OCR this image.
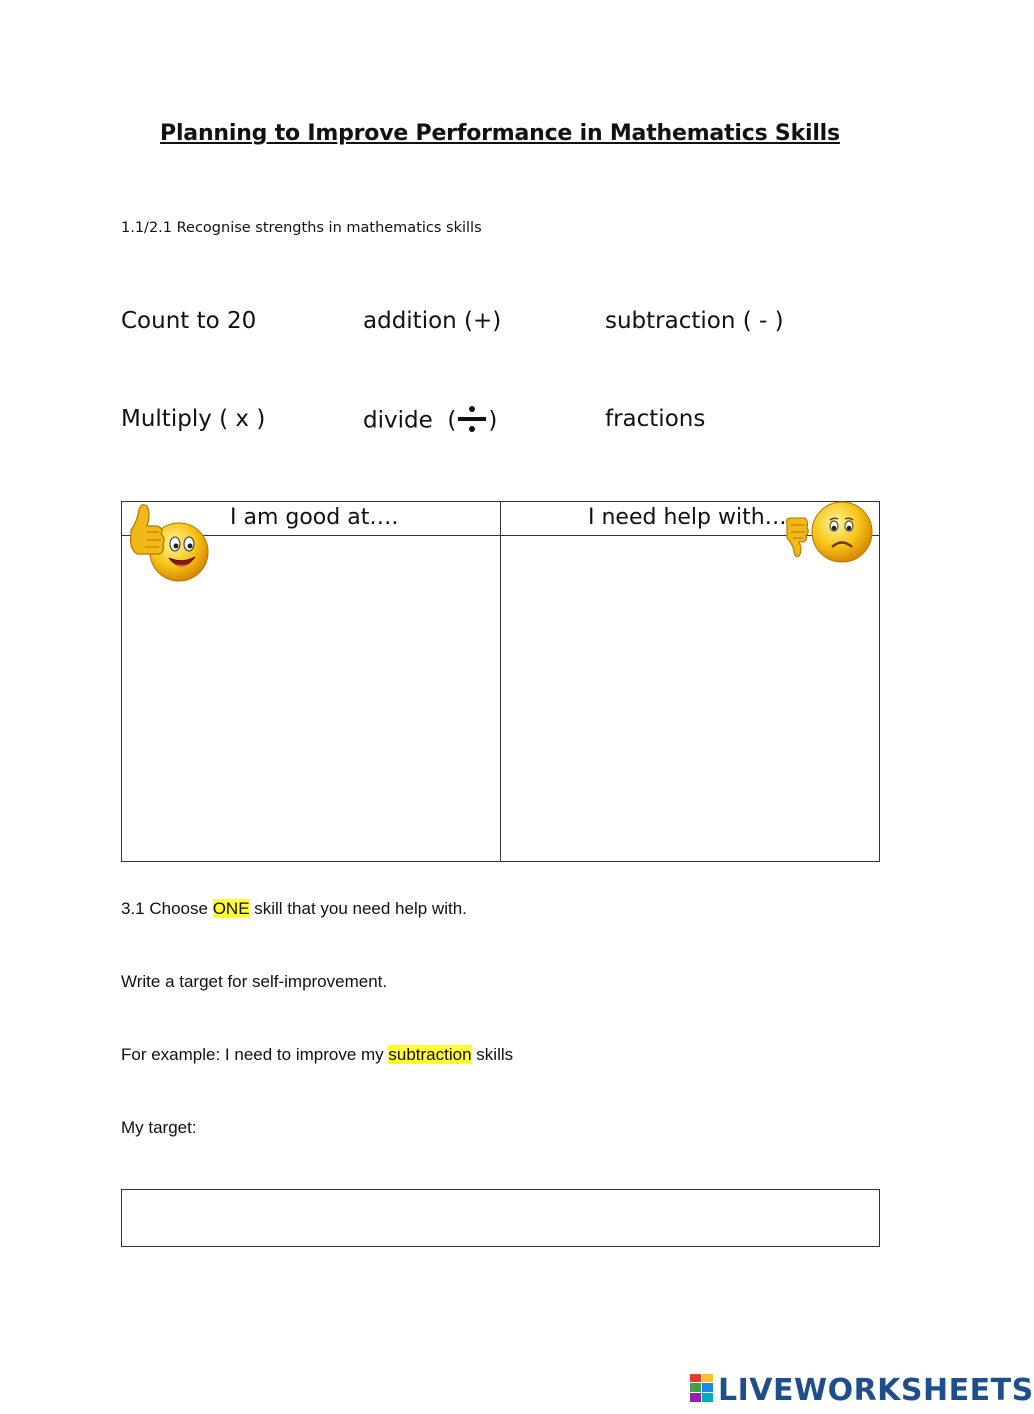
Planning to Improve Performance in Mathematics Skills
1.1/2.1 Recognise strengths in mathematics skills
Count to 20	addition (+)	subtraction ( - )
Multiply ( x )	divide  ( )	fractions
I am good at….	I need help with…
3.1 Choose ONE skill that you need help with.
Write a target for self-improvement.
For example: I need to improve my subtraction skills
My target:
LIVEWORKSHEETS
